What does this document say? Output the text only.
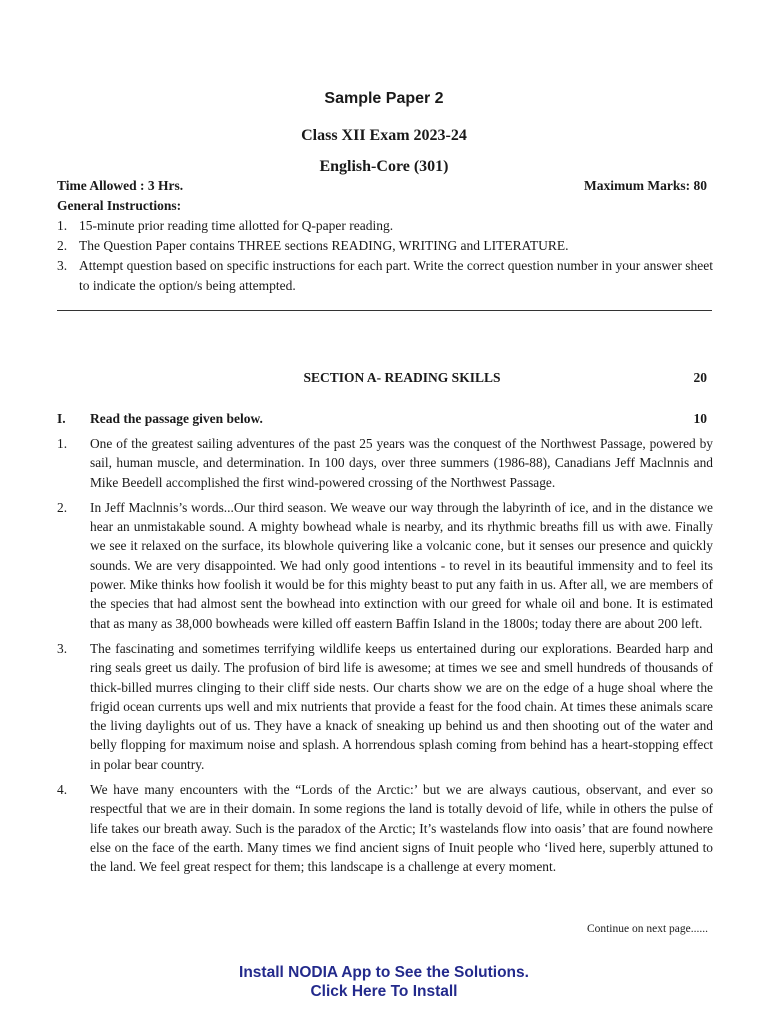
Sample Paper 2
Class XII Exam 2023-24
English-Core (301)
Time Allowed : 3 Hrs.	Maximum Marks: 80
General Instructions:
1. 15-minute prior reading time allotted for Q-paper reading.
2. The Question Paper contains THREE sections READING, WRITING and LITERATURE.
3. Attempt question based on specific instructions for each part. Write the correct question number in your answer sheet to indicate the option/s being attempted.
SECTION A- READING SKILLS	20
I.	Read the passage given below.	10
1.	One of the greatest sailing adventures of the past 25 years was the conquest of the Northwest Passage, powered by sail, human muscle, and determination. In 100 days, over three summers (1986-88), Canadians Jeff Maclnnis and Mike Beedell accomplished the first wind-powered crossing of the Northwest Passage.
2.	In Jeff Maclnnis’s words...Our third season. We weave our way through the labyrinth of ice, and in the distance we hear an unmistakable sound. A mighty bowhead whale is nearby, and its rhythmic breaths fill us with awe. Finally we see it relaxed on the surface, its blowhole quivering like a volcanic cone, but it senses our presence and quickly sounds. We are very disappointed. We had only good intentions - to revel in its beautiful immensity and to feel its power. Mike thinks how foolish it would be for this mighty beast to put any faith in us. After all, we are members of the species that had almost sent the bowhead into extinction with our greed for whale oil and bone. It is estimated that as many as 38,000 bowheads were killed off eastern Baffin Island in the 1800s; today there are about 200 left.
3.	The fascinating and sometimes terrifying wildlife keeps us entertained during our explorations. Bearded harp and ring seals greet us daily. The profusion of bird life is awesome; at times we see and smell hundreds of thousands of thick-billed murres clinging to their cliff side nests. Our charts show we are on the edge of a huge shoal where the frigid ocean currents ups well and mix nutrients that provide a feast for the food chain. At times these animals scare the living daylights out of us. They have a knack of sneaking up behind us and then shooting out of the water and belly flopping for maximum noise and splash. A horrendous splash coming from behind has a heart-stopping effect in polar bear country.
4.	We have many encounters with the “Lords of the Arctic:’ but we are always cautious, observant, and ever so respectful that we are in their domain. In some regions the land is totally devoid of life, while in others the pulse of life takes our breath away. Such is the paradox of the Arctic; It’s wastelands flow into oasis’ that are found nowhere else on the face of the earth. Many times we find ancient signs of Inuit people who ‘lived here, superbly attuned to the land. We feel great respect for them; this landscape is a challenge at every moment.
Continue on next page......
Install NODIA App to See the Solutions.
Click Here To Install
